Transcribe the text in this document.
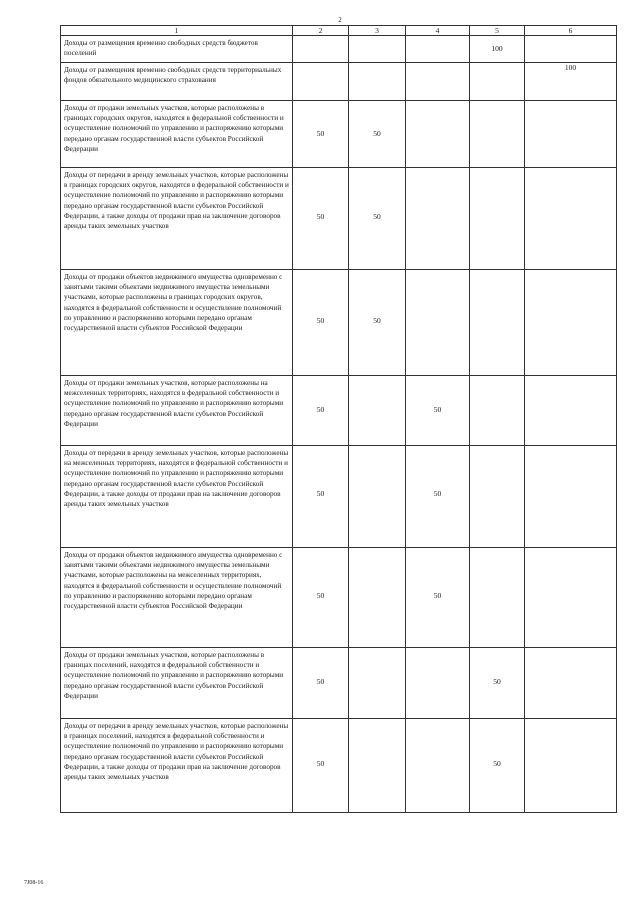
2
1	2	3	4	5	6
Доходы от размещения временно свободных средств бюджетов поселений				100	

Доходы от размещения временно свободных средств территориальных фондов обязательного медицинского страхования					100

Доходы от продажи земельных участков, которые расположены в границах городских округов, находятся в федеральной собственности и осуществление полномочий по управлению и распоряжению которыми передано органам государственной власти субъектов Российской Федерации	50	50			

Доходы от передачи в аренду земельных участков, которые расположены в границах городских округов, находятся в федеральной собственности и осуществление полномочий по управлению и распоряжению которыми передано органам государственной власти субъектов Российской Федерации, а также доходы от продажи прав на заключение договоров аренды таких земельных участков	50	50			

Доходы от продажи объектов недвижимого имущества одновременно с занятыми такими объектами недвижимого имущества земельными участками, которые расположены в границах городских округов, находятся в федеральной собственности и осуществление полномочий по управлению и распоряжению которыми передано органам государственной власти субъектов Российской Федерации	50	50			

Доходы от продажи земельных участков, которые расположены на межселенных территориях, находятся в федеральной собственности и осуществление полномочий по управлению и распоряжению которыми передано органам государственной власти субъектов Российской Федерации	50		50		

Доходы от передачи в аренду земельных участков, которые расположены на межселенных территориях, находятся в федеральной собственности и осуществление полномочий по управлению и распоряжению которыми передано органам государственной власти субъектов Российской Федерации, а также доходы от продажи прав на заключение договоров аренды таких земельных участков	50		50		

Доходы от продажи объектов недвижимого имущества одновременно с занятыми такими объектами недвижимого имущества земельными участками, которые расположены на межселенных территориях, находятся в федеральной собственности и осуществление полномочий по управлению и распоряжению которыми передано органам государственной власти субъектов Российской Федерации	50		50		

Доходы от продажи земельных участков, которые расположены в границах поселений, находятся в федеральной собственности и осуществление полномочий по управлению и распоряжению которыми передано органам государственной власти субъектов Российской Федерации	50			50	

Доходы от передачи в аренду земельных участков, которые расположены в границах поселений, находятся в федеральной собственности и осуществление полномочий по управлению и распоряжению которыми передано органам государственной власти субъектов Российской Федерации, а также доходы от продажи прав на заключение договоров аренды таких земельных участков	50			50	

7J08-16
